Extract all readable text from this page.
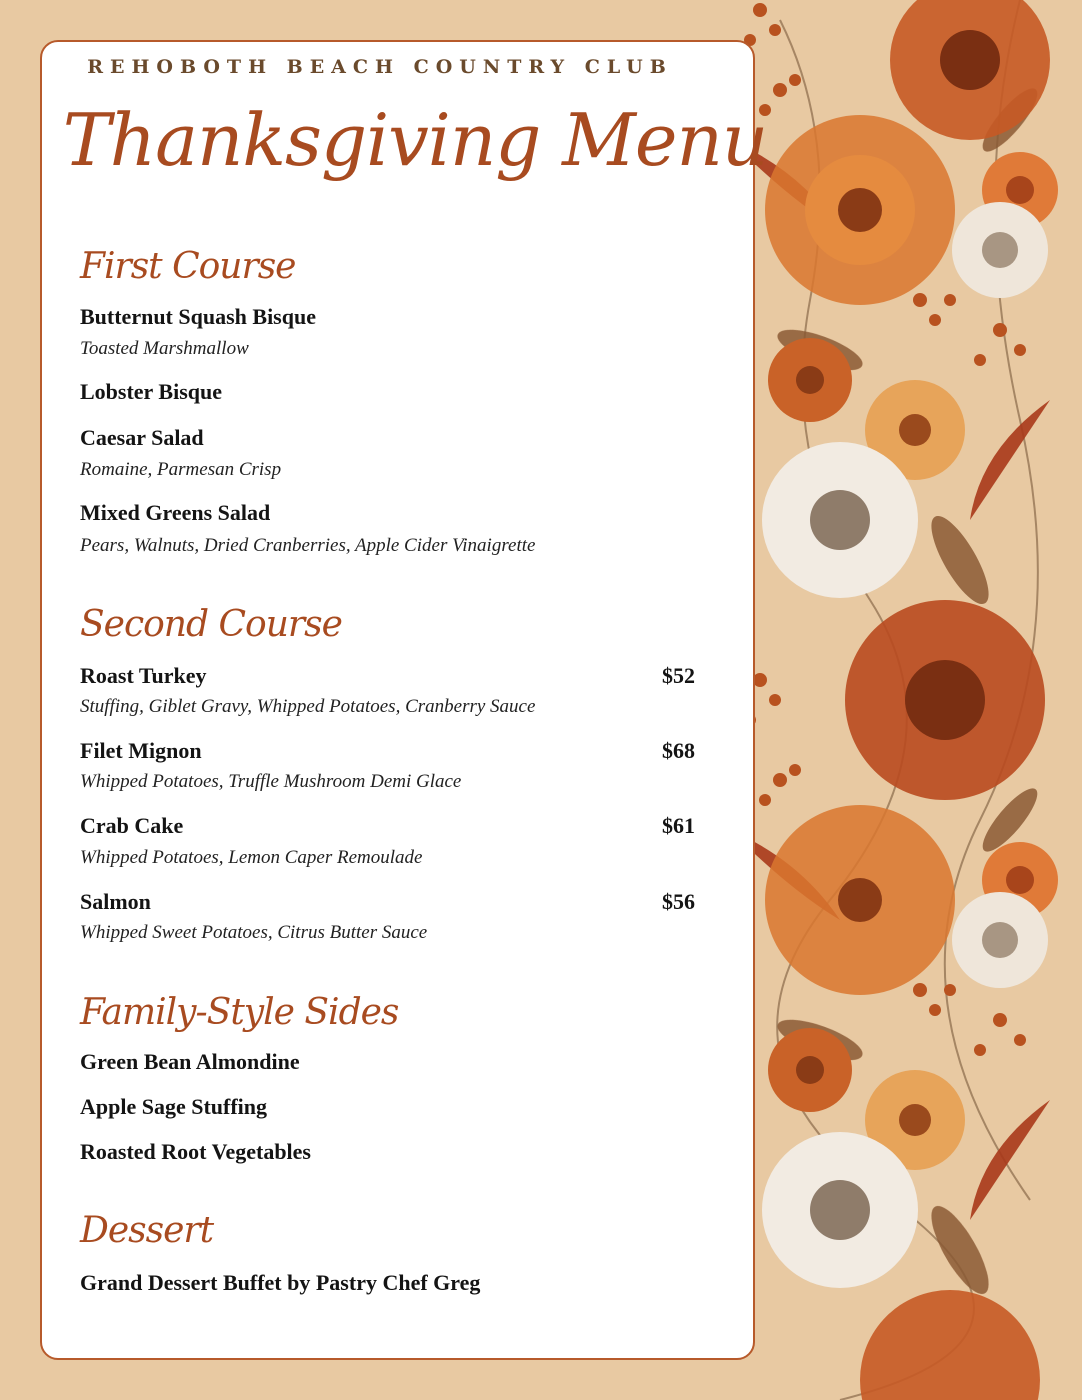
REHOBOTH BEACH COUNTRY CLUB
Thanksgiving Menu
First Course
Butternut Squash Bisque
Toasted Marshmallow
Lobster Bisque
Caesar Salad
Romaine, Parmesan Crisp
Mixed Greens Salad
Pears, Walnuts, Dried Cranberries, Apple Cider Vinaigrette
Second Course
Roast Turkey	$52
Stuffing, Giblet Gravy, Whipped Potatoes, Cranberry Sauce
Filet Mignon	$68
Whipped Potatoes, Truffle Mushroom Demi Glace
Crab Cake	$61
Whipped Potatoes, Lemon Caper Remoulade
Salmon	$56
Whipped Sweet Potatoes, Citrus Butter Sauce
Family-Style Sides
Green Bean Almondine
Apple Sage Stuffing
Roasted Root Vegetables
Dessert
Grand Dessert Buffet by Pastry Chef Greg
